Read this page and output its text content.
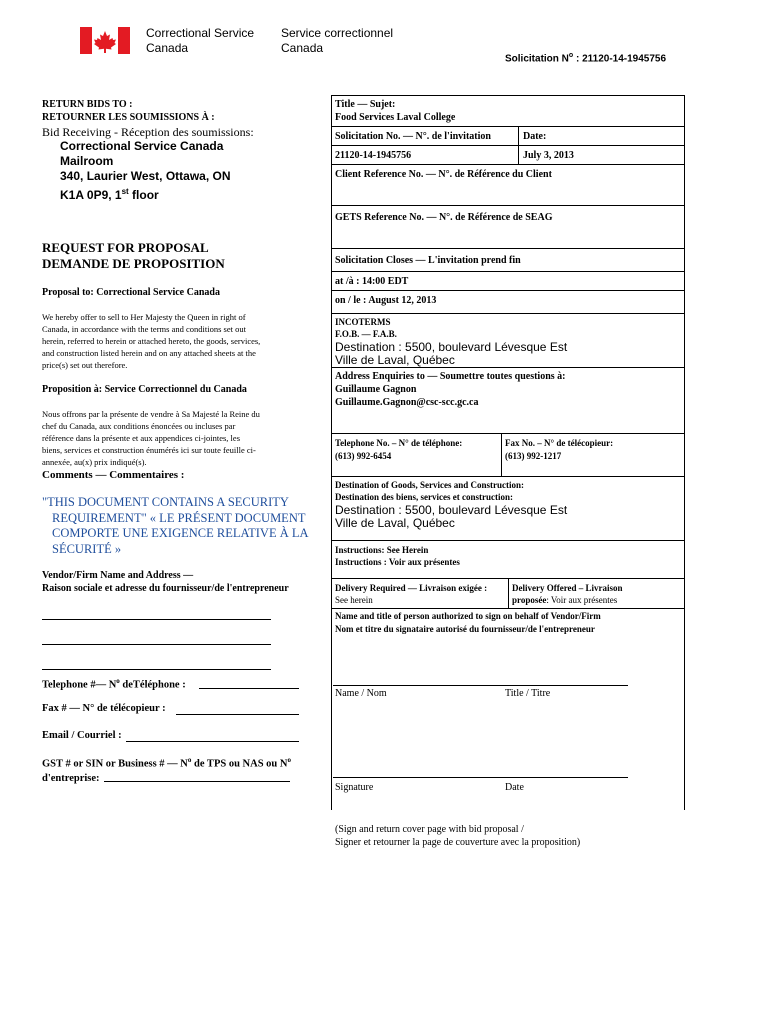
Correctional Service
Canada
Service correctionnel
Canada
Solicitation $N^o$ : 21120-14-1945756
RETURN BIDS TO :
RETOURNER LES SOUMISSIONS À :
Bid Receiving - Réception des soumissions:
Correctional Service Canada
Mailroom
340, Laurier West, Ottawa, ON
K1A 0P9, 1st floor
REQUEST FOR PROPOSAL
DEMANDE DE PROPOSITION
Proposal to: Correctional Service Canada
We hereby offer to sell to Her Majesty the Queen in right of
Canada, in accordance with the terms and conditions set out
herein, referred to herein or attached hereto, the goods, services,
and construction listed herein and on any attached sheets at the
price(s) set out therefore.
Proposition à: Service Correctionnel du Canada
Nous offrons par la présente de vendre à Sa Majesté la Reine du
chef du Canada, aux conditions énoncées ou incluses par
référence dans la présente et aux appendices ci-jointes, les
biens, services et construction énumérés ici sur toute feuille ci-
annexée, au(x) prix indiqué(s).
Comments — Commentaires :
"THIS DOCUMENT CONTAINS A SECURITY
REQUIREMENT" « LE PRÉSENT DOCUMENT
COMPORTE UNE EXIGENCE RELATIVE À LA
SÉCURITÉ »
Vendor/Firm Name and Address —
Raison sociale et adresse du fournisseur/de l'entrepreneur
Telephone #— $N^o$ deTéléphone :
Fax # — N° de télécopieur :
Email / Courriel :
GST # or SIN or Business # — $N^o$ de TPS ou NAS ou $N^o$
d'entreprise:
Title — Sujet:
Food Services Laval College
Solicitation No. — N°. de l'invitation	Date:
21120-14-1945756	July 3, 2013
Client Reference No. — N°. de Référence du Client
GETS Reference No. — N°. de Référence de SEAG
Solicitation Closes — L'invitation prend fin
at /à : 14:00 EDT
on / le : August 12, 2013
INCOTERMS
F.O.B. — F.A.B.
Destination : 5500, boulevard Lévesque Est
Ville de Laval, Québec
Address Enquiries to — Soumettre toutes questions à:
Guillaume Gagnon
Guillaume.Gagnon@csc-scc.gc.ca
Telephone No. – N° de téléphone:
(613) 992-6454
Fax No. – N° de télécopieur:
(613) 992-1217
Destination of Goods, Services and Construction:
Destination des biens, services et construction:
Destination : 5500, boulevard Lévesque Est
Ville de Laval, Québec
Instructions: See Herein
Instructions : Voir aux présentes
Delivery Required — Livraison exigée :
See herein
Delivery Offered – Livraison
proposée: Voir aux présentes
Name and title of person authorized to sign on behalf of Vendor/Firm
Nom et titre du signataire autorisé du fournisseur/de l'entrepreneur
Name / Nom	Title / Titre
Signature	Date
(Sign and return cover page with bid proposal /
Signer et retourner la page de couverture avec la proposition)
